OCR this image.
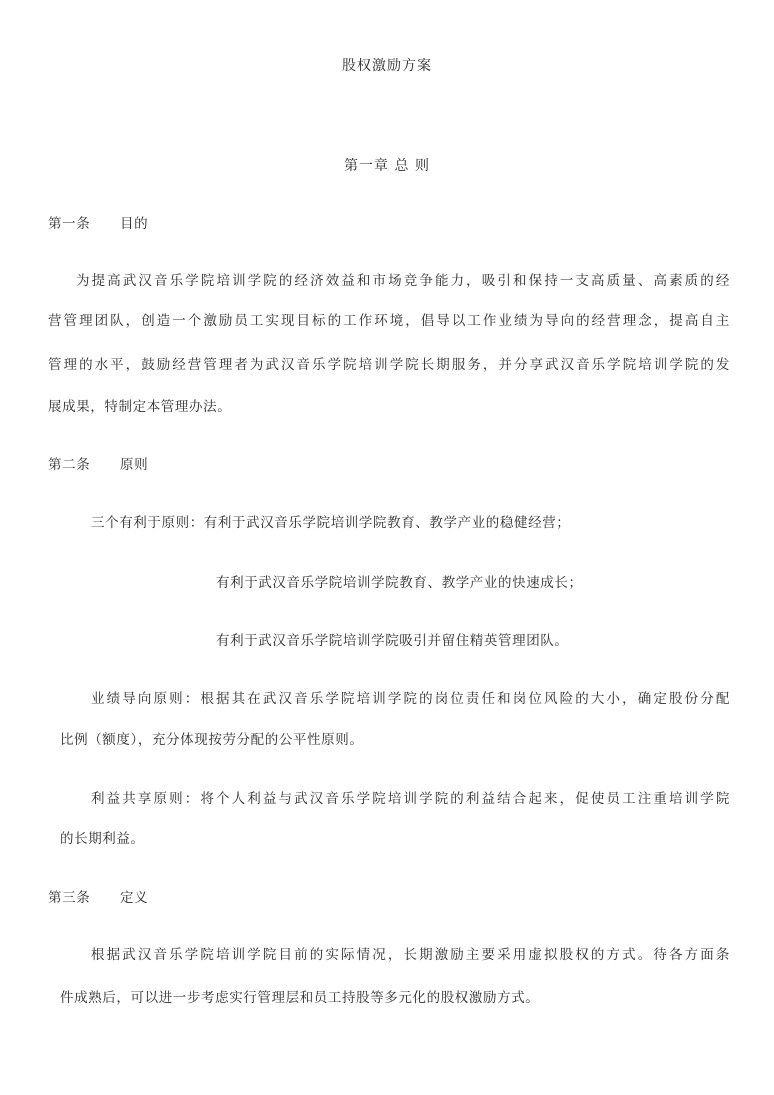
股权激励方案
第一章 总 则
第一条 目的
为提高武汉音乐学院培训学院的经济效益和市场竞争能力，吸引和保持一支高质量、高素质的经
营管理团队，创造一个激励员工实现目标的工作环境，倡导以工作业绩为导向的经营理念，提高自主
管理的水平，鼓励经营管理者为武汉音乐学院培训学院长期服务，并分享武汉音乐学院培训学院的发
展成果，特制定本管理办法。
第二条 原则
三个有利于原则：有利于武汉音乐学院培训学院教育、教学产业的稳健经营；
有利于武汉音乐学院培训学院教育、教学产业的快速成长；
有利于武汉音乐学院培训学院吸引并留住精英管理团队。
业绩导向原则：根据其在武汉音乐学院培训学院的岗位责任和岗位风险的大小，确定股份分配
比例（额度），充分体现按劳分配的公平性原则。
利益共享原则：将个人利益与武汉音乐学院培训学院的利益结合起来，促使员工注重培训学院
的长期利益。
第三条 定义
根据武汉音乐学院培训学院目前的实际情况，长期激励主要采用虚拟股权的方式。待各方面条
件成熟后，可以进一步考虑实行管理层和员工持股等多元化的股权激励方式。
